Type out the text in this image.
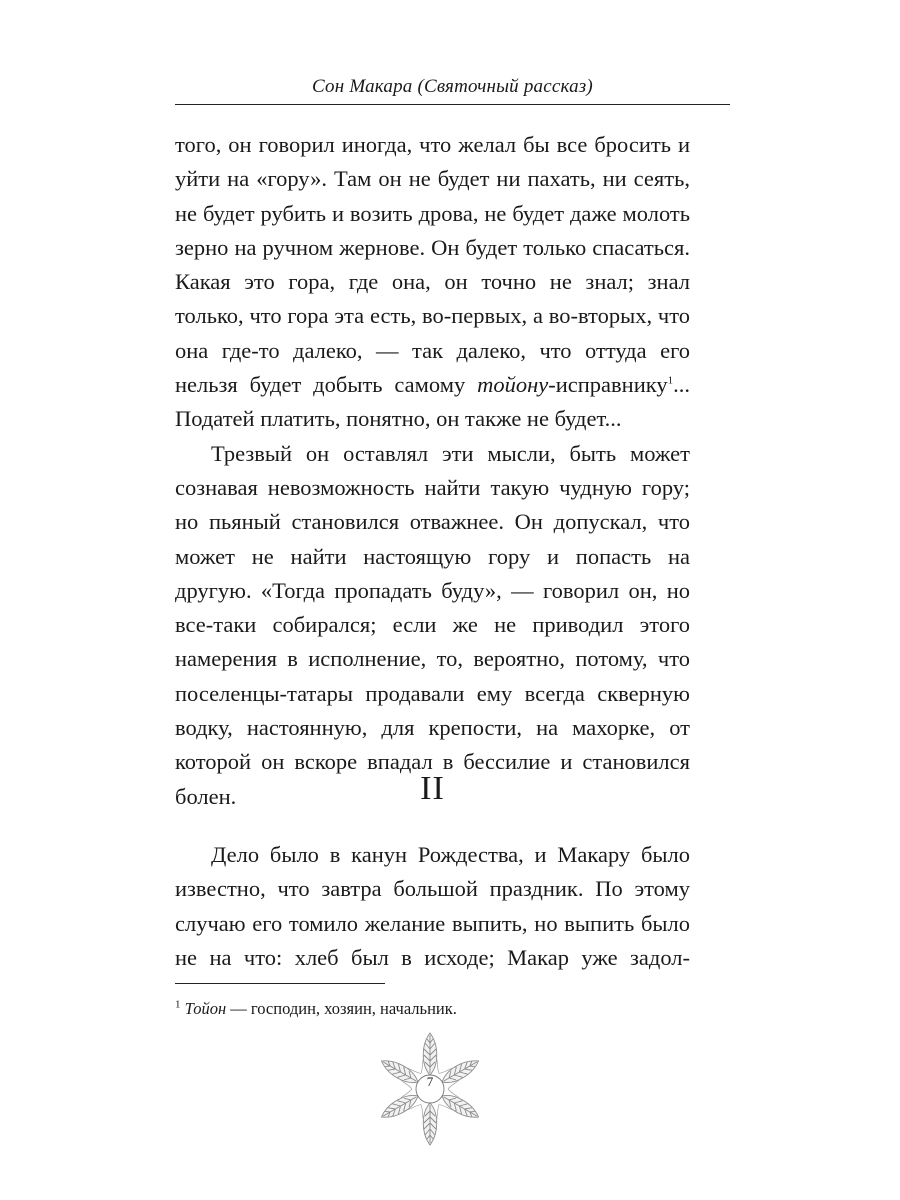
Сон Макара (Святочный рассказ)

того, он говорил иногда, что желал бы все бросить и уйти на «гору». Там он не будет ни пахать, ни сеять, не будет рубить и возить дрова, не будет даже молоть зерно на ручном жернове. Он будет только спасаться. Какая это гора, где она, он точно не знал; знал только, что гора эта есть, во-первых, а во-вторых, что она где-то далеко, — так далеко, что оттуда его нельзя будет добыть самому тойону-исправнику$^1$... Податей платить, понятно, он также не будет...

Трезвый он оставлял эти мысли, быть может сознавая невозможность найти такую чудную гору; но пьяный становился отважнее. Он допускал, что может не найти настоящую гору и попасть на другую. «Тогда пропадать буду», — говорил он, но все-таки собирался; если же не приводил этого намерения в исполнение, то, вероятно, потому, что поселенцы-татары продавали ему всегда скверную водку, настоянную, для крепости, на махорке, от которой он вскоре впадал в бессилие и становился болен.	II

Дело было в канун Рождества, и Макару было известно, что завтра большой праздник. По этому случаю его томило желание выпить, но выпить было не на что: хлеб был в исходе; Макар уже задол-

$^1$ Тойон — господин, хозяин, начальник.
7
